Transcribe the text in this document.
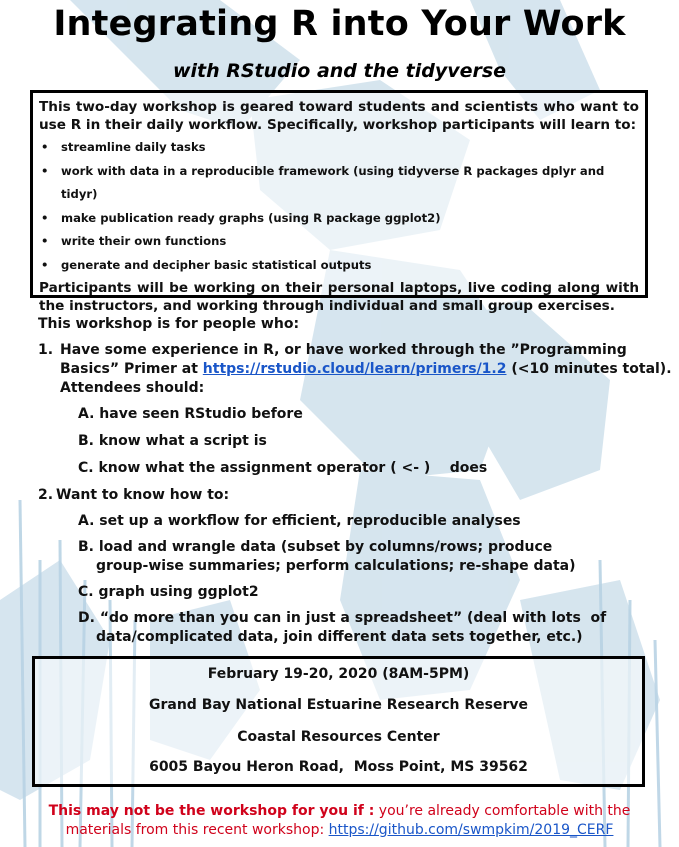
Integrating R into Your Work
with RStudio and the tidyverse
This two-day workshop is geared toward students and scientists who want to use R in their daily workflow. Specifically, workshop participants will learn to:
• streamline daily tasks
• work with data in a reproducible framework (using tidyverse R packages dplyr and tidyr)
• make publication ready graphs (using R package ggplot2)
• write their own functions
• generate and decipher basic statistical outputs
Participants will be working on their personal laptops, live coding along with the instructors, and working through individual and small group exercises.
This workshop is for people who:
1. Have some experience in R, or have worked through the ”Programming
Basics” Primer at https://rstudio.cloud/learn/primers/1.2 (<10 minutes total).
Attendees should:
A. have seen RStudio before
B. know what a script is
C. know what the assignment operator ( <- )    does
2. Want to know how to:
A. set up a workflow for efficient, reproducible analyses
B. load and wrangle data (subset by columns/rows; produce
group-wise summaries; perform calculations; re-shape data)
C. graph using ggplot2
D. “do more than you can in just a spreadsheet” (deal with lots  of
data/complicated data, join different data sets together, etc.)
February 19-20, 2020 (8AM-5PM)
Grand Bay National Estuarine Research Reserve
Coastal Resources Center
6005 Bayou Heron Road,  Moss Point, MS 39562
This may not be the workshop for you if : you’re already comfortable with the
materials from this recent workshop: https://github.com/swmpkim/2019_CERF
